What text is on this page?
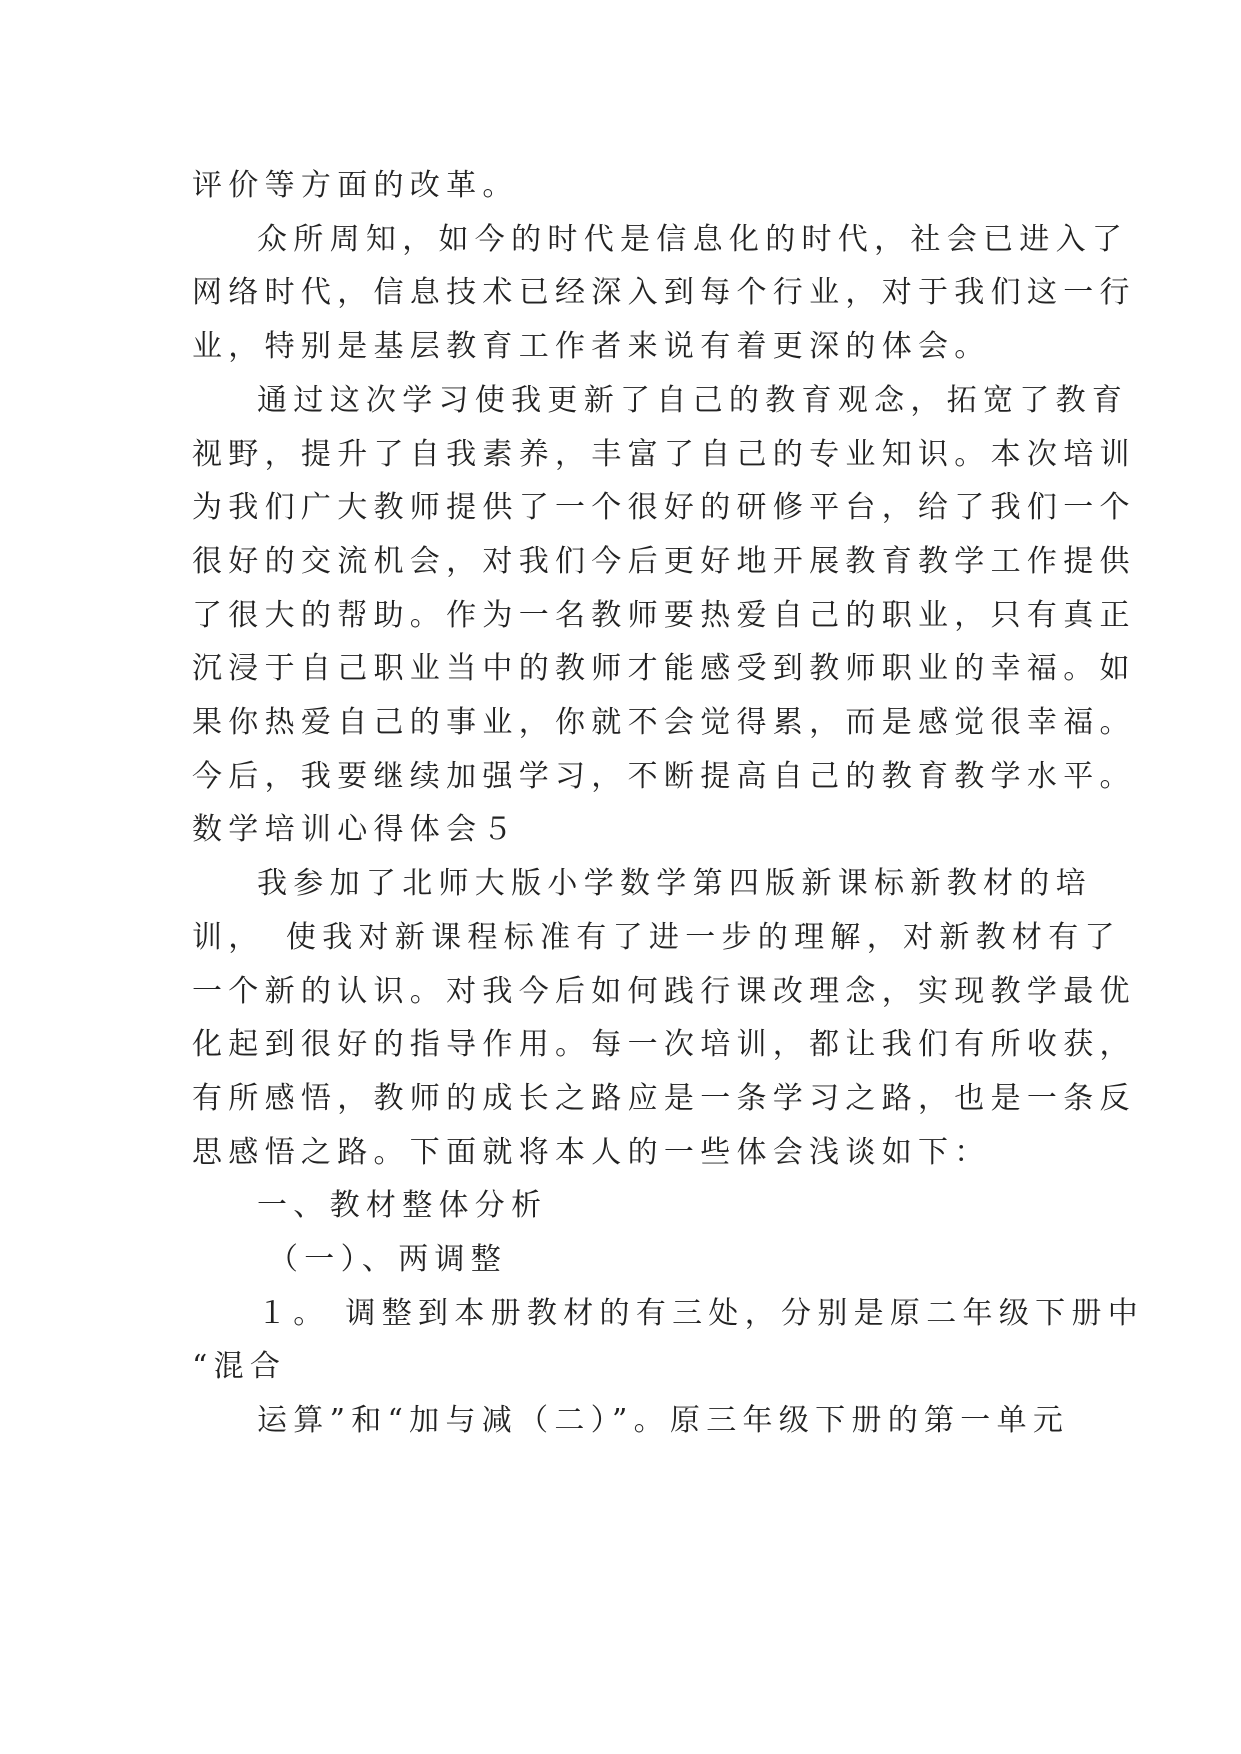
评价等方面的改革。
众所周知，如今的时代是信息化的时代，社会已进入了
网络时代，信息技术已经深入到每个行业，对于我们这一行
业，特别是基层教育工作者来说有着更深的体会。
通过这次学习使我更新了自己的教育观念，拓宽了教育
视野，提升了自我素养，丰富了自己的专业知识。本次培训
为我们广大教师提供了一个很好的研修平台，给了我们一个
很好的交流机会，对我们今后更好地开展教育教学工作提供
了很大的帮助。作为一名教师要热爱自己的职业，只有真正
沉浸于自己职业当中的教师才能感受到教师职业的幸福。如
果你热爱自己的事业，你就不会觉得累，而是感觉很幸福。
今后，我要继续加强学习，不断提高自己的教育教学水平。
数学培训心得体会５
我参加了北师大版小学数学第四版新课标新教材的培
训，　使我对新课程标准有了进一步的理解，对新教材有了
一个新的认识。对我今后如何践行课改理念，实现教学最优
化起到很好的指导作用。每一次培训，都让我们有所收获，
有所感悟，教师的成长之路应是一条学习之路，也是一条反
思感悟之路。下面就将本人的一些体会浅谈如下：
一、教材整体分析
（一）、两调整
１。 调整到本册教材的有三处，分别是原二年级下册中
“混合
运算”和“加与减（二）”。原三年级下册的第一单元
